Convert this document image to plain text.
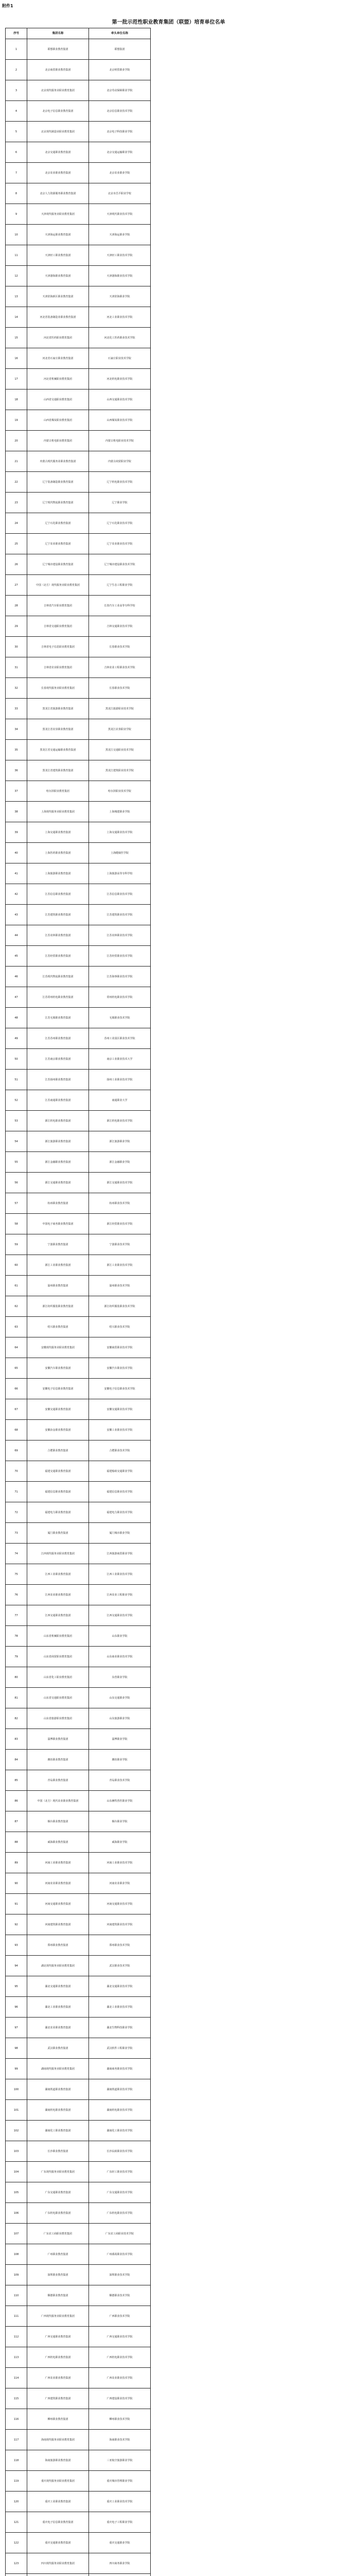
附件1
第一批示范性职业教育集团（联盟）培育单位名单
序号	集团名称	牵头单位名称
1	联想职业教育集团	联想集团
2	北京商贸职业教育集团	北京财贸职业学院
3	北京现代服务业职业教育集团	北京劳动保障职业学院
4	北京电子信息职业教育集团	北京信息职业技术学院
5	北京现代制造业职业教育集团	北京电子科技职业学院
6	北京交通职业教育集团	北京交通运输职业学院
7	北京农业职业教育集团	北京农业职业学院
8	北京人力资源服务职业教育集团	北京市昌平职业学校
9	天津现代服务业职业教育集团	天津现代职业技术学院
10	天津海运职业教育集团	天津海运职业学院
11	天津轻工职业教育集团	天津轻工职业技术学院
12	天津渤海职业教育集团	天津渤海职业技术学院
13	天津滨海新区职业教育集团	天津滨海职业学院
14	河北省装备制造业职业教育集团	河北工业职业技术学院
15	河北省医药职业教育集团	河北化工医药职业技术学院
16	河北省石家庄职业教育集团	石家庄职业技术学院
17	河北省机械职业教育集团	河北机电职业技术学院
18	山西省交通职业教育集团	山西交通职业技术学院
19	山西省煤炭职业教育集团	山西煤炭职业技术学院
20	内蒙古机电职业教育集团	内蒙古机电职业技术学院
21	内蒙古现代服务业职业教育集团	内蒙古商贸职业学院
22	辽宁装备制造职业教育集团	辽宁机电职业技术学院
23	辽宁现代物流职业教育集团	辽宁职业学院
24	辽宁石化职业教育集团	辽宁石化职业技术学院
25	辽宁农业职业教育集团	辽宁农业职业技术学院
26	辽宁城市建设职业教育集团	辽宁城市建设职业技术学院
27	中国（北方）现代服务业职业教育集团	辽宁生态工程职业学院
28	吉林省汽车职业教育集团	长春汽车工业高等专科学校
29	吉林省交通职业教育集团	吉林交通职业技术学院
30	吉林省电子信息职业教育集团	长春职业技术学院
31	吉林省农业职业教育集团	吉林农业工程职业技术学院
32	长春现代服务业职业教育集团	长春职业技术学院
33	黑龙江省旅游职业教育集团	黑龙江旅游职业技术学院
34	黑龙江省农垦职业教育集团	黑龙江农垦职业学院
35	黑龙江省交通运输职业教育集团	黑龙江交通职业技术学院
36	黑龙江省建筑职业教育集团	黑龙江建筑职业技术学院
37	哈尔滨职业教育集团	哈尔滨职业技术学院
38	上海现代服务业职业教育集团	上海城建职业学院
39	上海交通职业教育集团	上海交通职业技术学院
40	上海医药职业教育集团	上海健康医学院
41	上海旅游职业教育集团	上海旅游高等专科学校
42	江苏信息职业教育集团	江苏信息职业技术学院
43	江苏建筑职业教育集团	江苏建筑职业技术学院
44	江苏农林职业教育集团	江苏农林职业技术学院
45	江苏经贸职业教育集团	江苏经贸职业技术学院
46	江苏现代物流职业教育集团	江苏海事职业技术学院
47	江苏常州机电职业教育集团	常州机电职业技术学院
48	江苏无锡职业教育集团	无锡职业技术学院
49	江苏苏州职业教育集团	苏州工业园区职业技术学院
50	江苏南京职业教育集团	南京工业职业技术大学
51	江苏扬州职业教育集团	扬州工业职业技术学院
52	江苏南通职业教育集团	南通职业大学
53	浙江机电职业教育集团	浙江机电职业技术学院
54	浙江旅游职业教育集团	浙江旅游职业学院
55	浙江金融职业教育集团	浙江金融职业学院
56	浙江交通职业教育集团	浙江交通职业技术学院
57	杭州职业教育集团	杭州职业技术学院
58	中国电子商务职业教育集团	浙江经贸职业技术学院
59	宁波职业教育集团	宁波职业技术学院
60	浙江工业职业教育集团	浙江工业职业技术学院
61	温州职业教育集团	温州职业技术学院
62	浙江纺织服装职业教育集团	浙江纺织服装职业技术学院
63	绍兴职业教育集团	绍兴职业技术学院
64	安徽现代服务业职业教育集团	安徽商贸职业技术学院
65	安徽汽车职业教育集团	安徽汽车职业技术学院
66	安徽电子信息职业教育集团	安徽电子信息职业技术学院
67	安徽交通职业教育集团	安徽交通职业技术学院
68	安徽冶金职业教育集团	安徽工业职业技术学院
69	合肥职业教育集团	合肥职业技术学院
70	福建交通职业教育集团	福建船政交通职业学院
71	福建信息职业教育集团	福建信息职业技术学院
72	福建电力职业教育集团	福建电力职业技术学院
73	厦门职业教育集团	厦门城市职业学院
74	江西现代服务业职业教育集团	江西旅游商贸职业学院
75	江西工业职业教育集团	江西工业职业技术学院
76	江西农业职业教育集团	江西农业工程职业学院
77	江西交通职业教育集团	江西交通职业技术学院
78	山东省机械职业教育集团	山东职业学院
79	山东省商贸职业教育集团	山东商业职业技术学院
80	山东省化工职业教育集团	东营职业学院
81	山东省交通职业教育集团	山东交通职业学院
82	山东省旅游职业教育集团	山东旅游职业学院
83	淄博职业教育集团	淄博职业学院
84	潍坊职业教育集团	潍坊职业学院
85	青岛职业教育集团	青岛职业技术学院
86	中国（北方）现代农业职业教育集团	山东畜牧兽医职业学院
87	烟台职业教育集团	烟台职业学院
88	威海职业教育集团	威海职业学院
89	河南工业职业教育集团	河南工业职业技术学院
90	河南农业职业教育集团	河南农业职业学院
91	河南交通职业教育集团	河南交通职业技术学院
92	河南建筑职业教育集团	河南建筑职业技术学院
93	郑州职业教育集团	郑州职业技术学院
94	湖北现代服务业职业教育集团	武汉职业技术学院
95	湖北交通职业教育集团	湖北交通职业技术学院
96	湖北工业职业教育集团	湖北工业职业技术学院
97	湖北农业职业教育集团	湖北生物科技职业学院
98	武汉职业教育集团	武汉软件工程职业学院
99	湖南现代服务业职业教育集团	湖南商务职业技术学院
100	湖南铁道职业教育集团	湖南铁道职业技术学院
101	湖南机电职业教育集团	湖南机电职业技术学院
102	湖南化工职业教育集团	湖南化工职业技术学院
103	长沙职业教育集团	长沙民政职业技术学院
104	广东现代服务业职业教育集团	广东轻工职业技术学院
105	广东交通职业教育集团	广东交通职业技术学院
106	广东机电职业教育集团	广东机电职业技术学院
107	广东农工商职业教育集团	广东农工商职业技术学院
108	广州职业教育集团	广州番禺职业技术学院
109	深圳职业教育集团	深圳职业技术学院
110	顺德职业教育集团	顺德职业技术学院
111	广西现代服务业职业教育集团	广西职业技术学院
112	广西交通职业教育集团	广西交通职业技术学院
113	广西机电职业教育集团	广西机电职业技术学院
114	广西农业职业教育集团	广西农业职业技术学院
115	广西建筑职业教育集团	广西建设职业技术学院
116	柳州职业教育集团	柳州职业技术学院
117	海南现代服务业职业教育集团	海南职业技术学院
118	海南旅游职业教育集团	三亚航空旅游职业学院
119	重庆现代服务业职业教育集团	重庆城市管理职业学院
120	重庆工业职业教育集团	重庆工业职业技术学院
121	重庆电子信息职业教育集团	重庆电子工程职业学院
122	重庆交通职业教育集团	重庆交通职业学院
123	四川现代服务业职业教育集团	四川商务职业学院
